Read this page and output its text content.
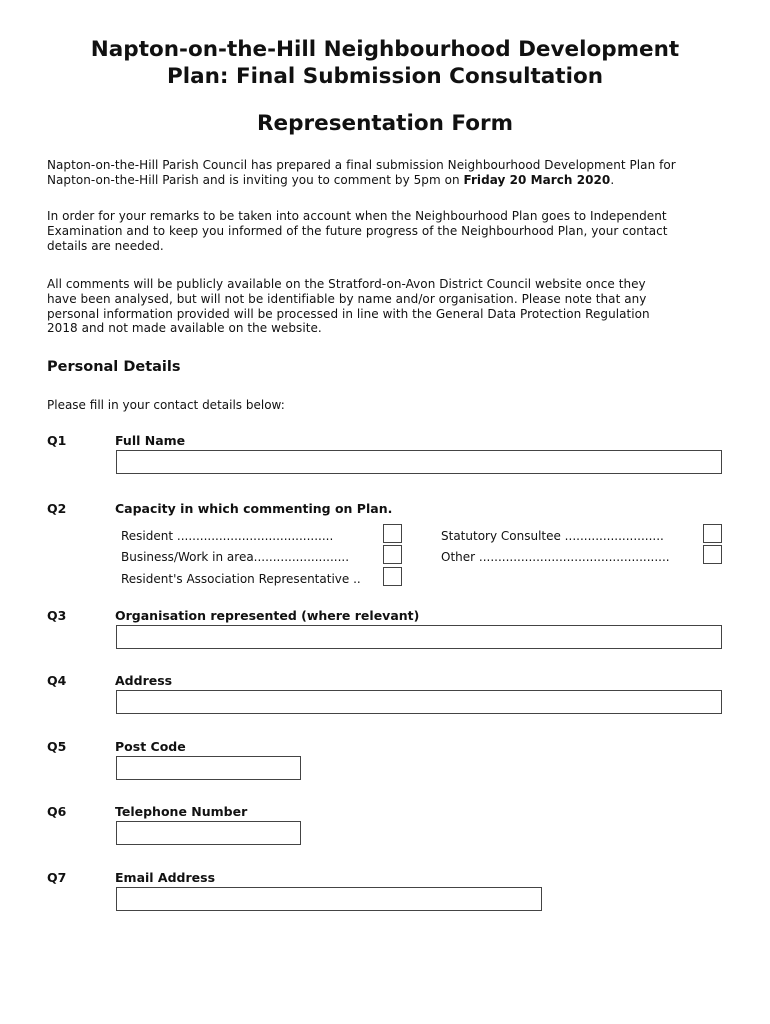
Napton-on-the-Hill Neighbourhood Development
Plan: Final Submission Consultation
Representation Form
Napton-on-the-Hill Parish Council has prepared a final submission Neighbourhood Development Plan for
Napton-on-the-Hill Parish and is inviting you to comment by 5pm on Friday 20 March 2020.
In order for your remarks to be taken into account when the Neighbourhood Plan goes to Independent
Examination and to keep you informed of the future progress of the Neighbourhood Plan, your contact
details are needed.
All comments will be publicly available on the Stratford-on-Avon District Council website once they
have been analysed, but will not be identifiable by name and/or organisation. Please note that any
personal information provided will be processed in line with the General Data Protection Regulation
2018 and not made available on the website.
Personal Details

Please fill in your contact details below:

Q1	Full Name
Q2	Capacity in which commenting on Plan.
Resident .........................................
Business/Work in area.........................
Resident's Association Representative ..
Statutory Consultee ..........................
Other ..................................................
Q3	Organisation represented (where relevant)
Q4	Address
Q5	Post Code
Q6	Telephone Number
Q7	Email Address
